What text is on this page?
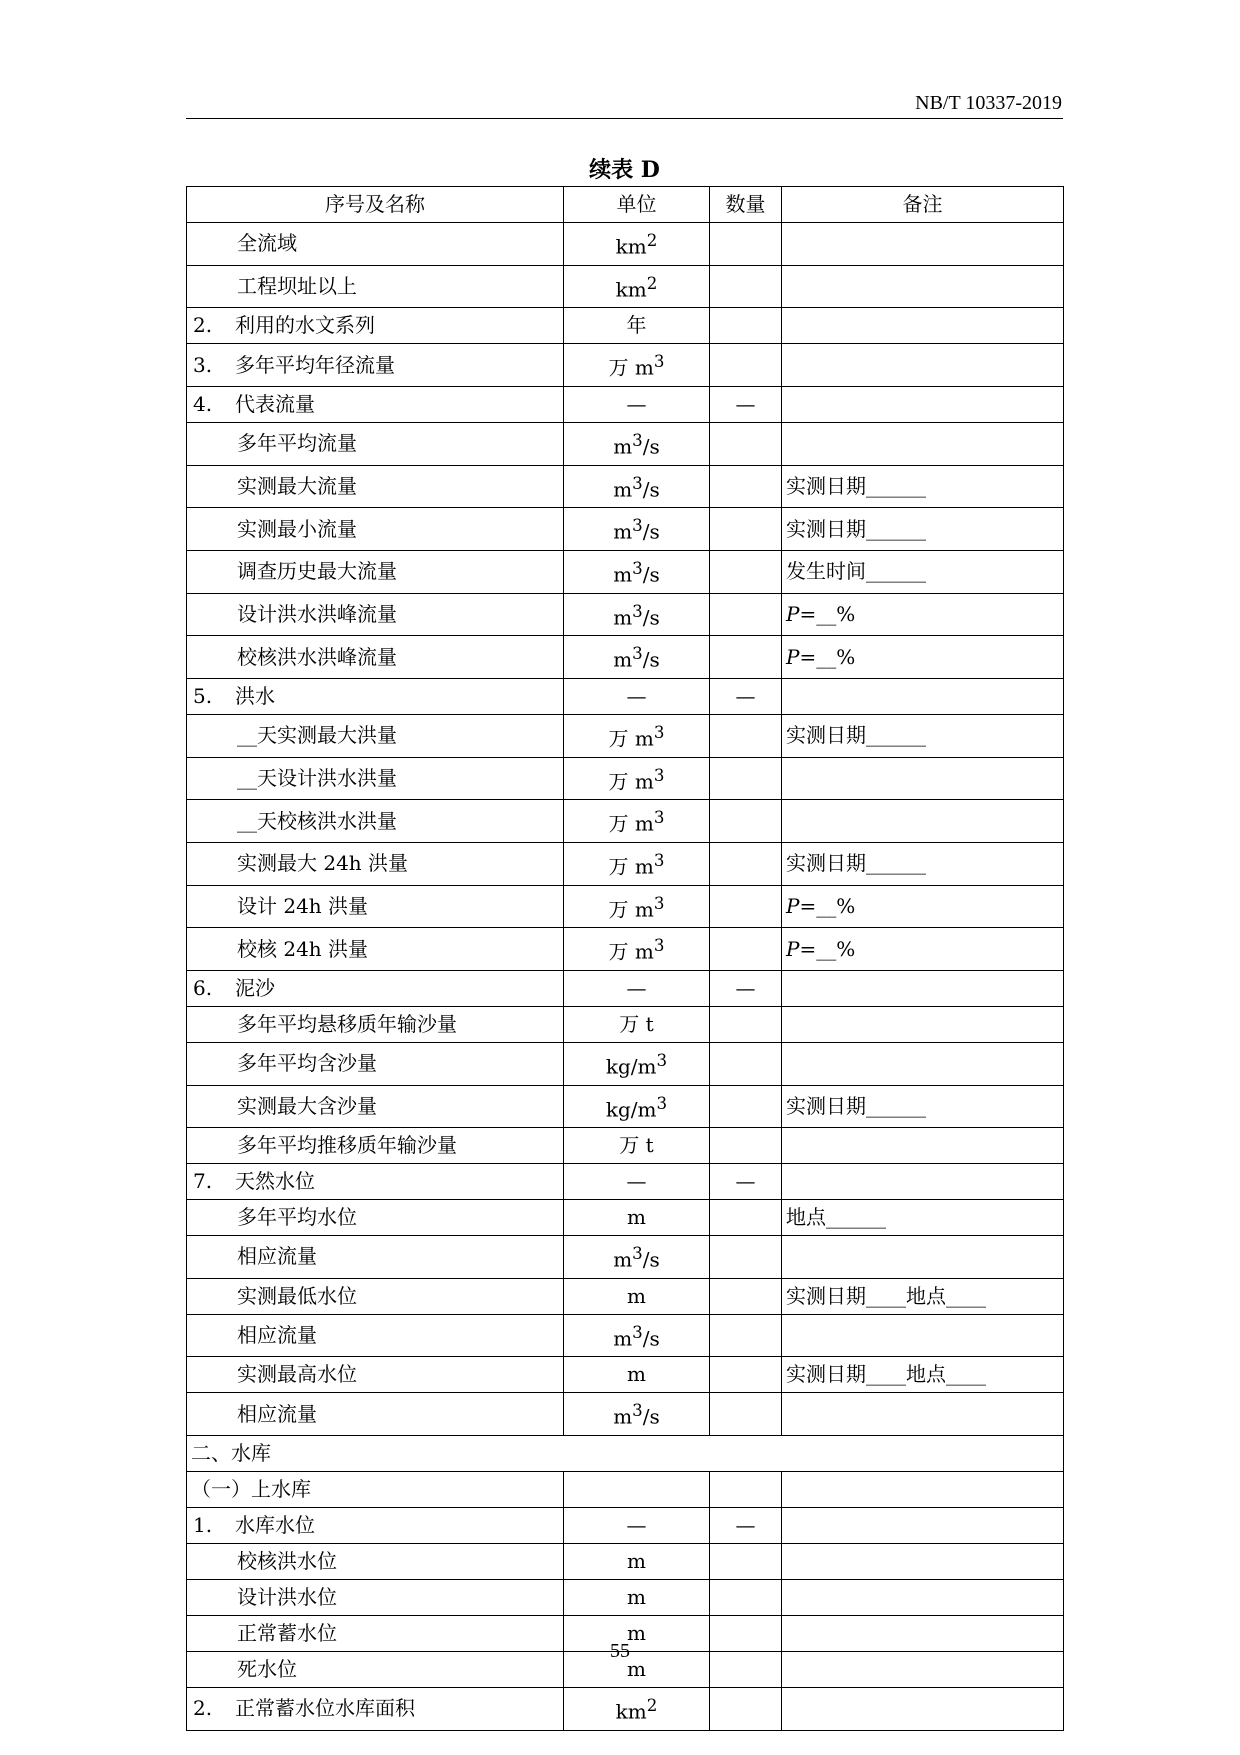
NB/T 10337-2019
续表 D
序号及名称	单位	数量	备注
全流域	$km^2$		
工程坝址以上	$km^2$		
2. 利用的水文系列	年		
3. 多年平均年径流量	万 $m^3$		
4. 代表流量	—	—	
多年平均流量	$m^3/s$		
实测最大流量	$m^3/s$		实测日期______
实测最小流量	$m^3/s$		实测日期______
调查历史最大流量	$m^3/s$		发生时间______
设计洪水洪峰流量	$m^3/s$		P=__%
校核洪水洪峰流量	$m^3/s$		P=__%
5. 洪水	—	—	
__天实测最大洪量	万 $m^3$		实测日期______
__天设计洪水洪量	万 $m^3$		
__天校核洪水洪量	万 $m^3$		
实测最大 24h 洪量	万 $m^3$		实测日期______
设计 24h 洪量	万 $m^3$		P=__%
校核 24h 洪量	万 $m^3$		P=__%
6. 泥沙	—	—	
多年平均悬移质年输沙量	万 t		
多年平均含沙量	$kg/m^3$		
实测最大含沙量	$kg/m^3$		实测日期______
多年平均推移质年输沙量	万 t		
7. 天然水位	—	—	
多年平均水位	m		地点______
相应流量	$m^3/s$		
实测最低水位	m		实测日期____地点____
相应流量	$m^3/s$		
实测最高水位	m		实测日期____地点____
相应流量	$m^3/s$		
二、水库			
（一）上水库			
1. 水库水位	—	—	
校核洪水位	m		
设计洪水位	m		
正常蓄水位	m		
死水位	m		
2. 正常蓄水位水库面积	$km^2$		
55
